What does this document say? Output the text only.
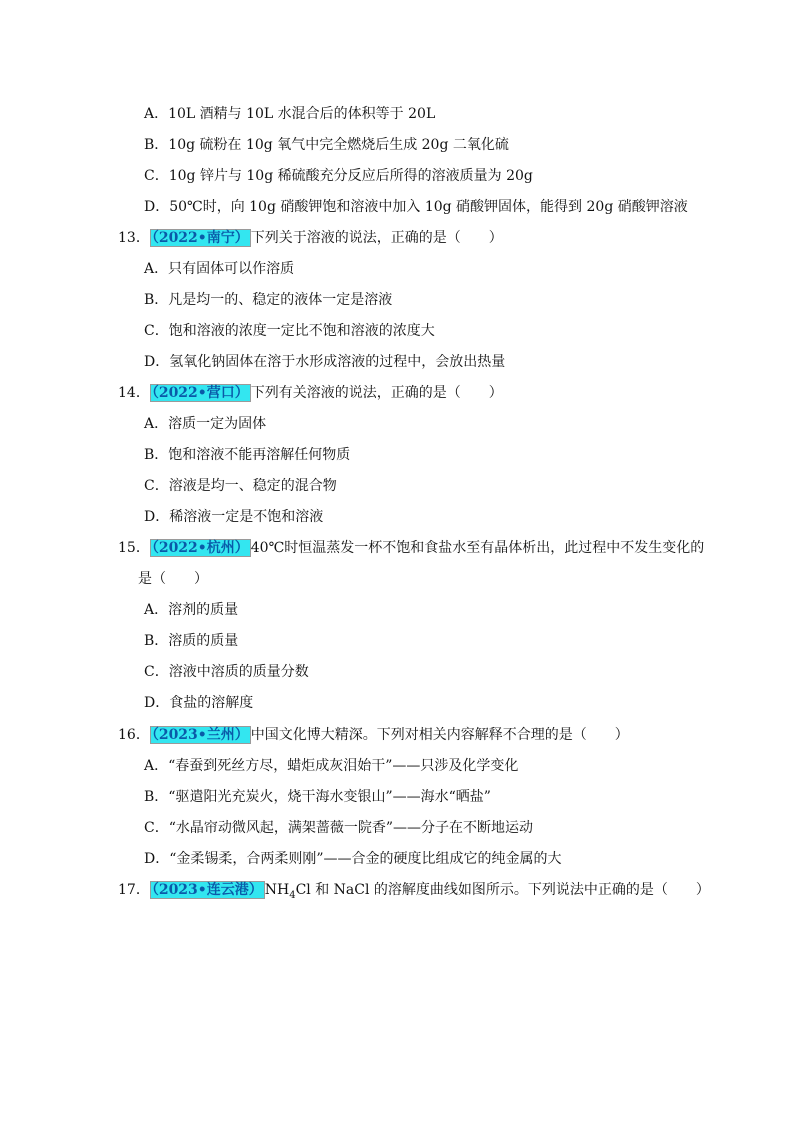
A．10L 酒精与 10L 水混合后的体积等于 20L
B．10g 硫粉在 10g 氧气中完全燃烧后生成 20g 二氧化硫
C．10g 锌片与 10g 稀硫酸充分反应后所得的溶液质量为 20g
D．50℃时，向 10g 硝酸钾饱和溶液中加入 10g 硝酸钾固体，能得到 20g 硝酸钾溶液
13． （2022•南宁） 下列关于溶液的说法，正确的是（　　）
A．只有固体可以作溶质
B．凡是均一的、稳定的液体一定是溶液
C．饱和溶液的浓度一定比不饱和溶液的浓度大
D．氢氧化钠固体在溶于水形成溶液的过程中，会放出热量
14． （2022•营口） 下列有关溶液的说法，正确的是（　　）
A．溶质一定为固体
B．饱和溶液不能再溶解任何物质
C．溶液是均一、稳定的混合物
D．稀溶液一定是不饱和溶液
15． （2022•杭州） 40℃时恒温蒸发一杯不饱和食盐水至有晶体析出，此过程中不发生变化的
是（　　）
A．溶剂的质量
B．溶质的质量
C．溶液中溶质的质量分数
D．食盐的溶解度
16． （2023•兰州） 中国文化博大精深。下列对相关内容解释不合理的是（　　）
A．“春蚕到死丝方尽，蜡炬成灰泪始干”——只涉及化学变化
B．“驱遣阳光充炭火，烧干海水变银山”——海水“晒盐”
C．“水晶帘动微风起，满架蔷薇一院香”——分子在不断地运动
D．“金柔锡柔，合两柔则刚”——合金的硬度比组成它的纯金属的大
17． （2023•连云港） $NH_4Cl$ 和 NaCl 的溶解度曲线如图所示。下列说法中正确的是（　　）
